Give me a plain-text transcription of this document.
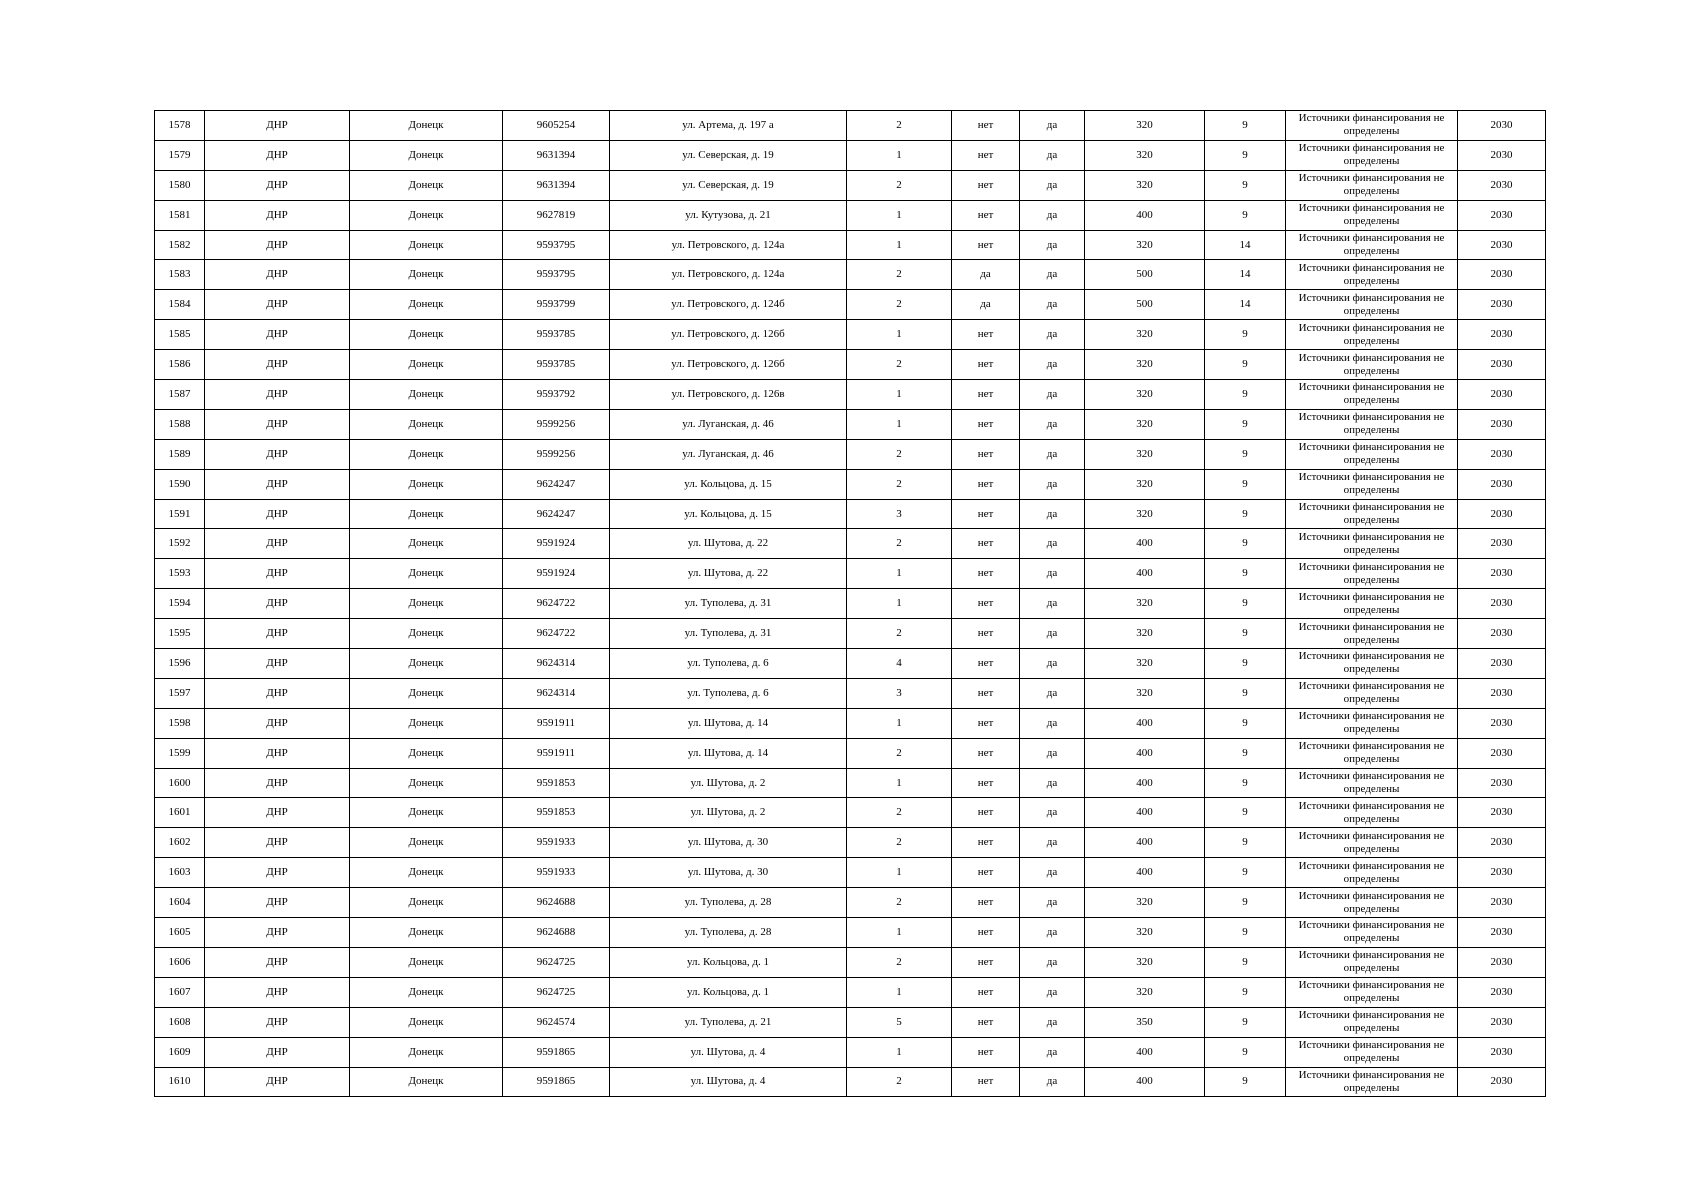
1578	ДНР	Донецк	9605254	ул. Артема, д. 197 а	2	нет	да	320	9	Источники финансирования не определены	2030
1579	ДНР	Донецк	9631394	ул. Северская, д. 19	1	нет	да	320	9	Источники финансирования не определены	2030
1580	ДНР	Донецк	9631394	ул. Северская, д. 19	2	нет	да	320	9	Источники финансирования не определены	2030
1581	ДНР	Донецк	9627819	ул. Кутузова, д. 21	1	нет	да	400	9	Источники финансирования не определены	2030
1582	ДНР	Донецк	9593795	ул. Петровского, д. 124а	1	нет	да	320	14	Источники финансирования не определены	2030
1583	ДНР	Донецк	9593795	ул. Петровского, д. 124а	2	да	да	500	14	Источники финансирования не определены	2030
1584	ДНР	Донецк	9593799	ул. Петровского, д. 124б	2	да	да	500	14	Источники финансирования не определены	2030
1585	ДНР	Донецк	9593785	ул. Петровского, д. 126б	1	нет	да	320	9	Источники финансирования не определены	2030
1586	ДНР	Донецк	9593785	ул. Петровского, д. 126б	2	нет	да	320	9	Источники финансирования не определены	2030
1587	ДНР	Донецк	9593792	ул. Петровского, д. 126в	1	нет	да	320	9	Источники финансирования не определены	2030
1588	ДНР	Донецк	9599256	ул. Луганская, д. 46	1	нет	да	320	9	Источники финансирования не определены	2030
1589	ДНР	Донецк	9599256	ул. Луганская, д. 46	2	нет	да	320	9	Источники финансирования не определены	2030
1590	ДНР	Донецк	9624247	ул. Кольцова, д. 15	2	нет	да	320	9	Источники финансирования не определены	2030
1591	ДНР	Донецк	9624247	ул. Кольцова, д. 15	3	нет	да	320	9	Источники финансирования не определены	2030
1592	ДНР	Донецк	9591924	ул. Шутова, д. 22	2	нет	да	400	9	Источники финансирования не определены	2030
1593	ДНР	Донецк	9591924	ул. Шутова, д. 22	1	нет	да	400	9	Источники финансирования не определены	2030
1594	ДНР	Донецк	9624722	ул. Туполева, д. 31	1	нет	да	320	9	Источники финансирования не определены	2030
1595	ДНР	Донецк	9624722	ул. Туполева, д. 31	2	нет	да	320	9	Источники финансирования не определены	2030
1596	ДНР	Донецк	9624314	ул. Туполева, д. 6	4	нет	да	320	9	Источники финансирования не определены	2030
1597	ДНР	Донецк	9624314	ул. Туполева, д. 6	3	нет	да	320	9	Источники финансирования не определены	2030
1598	ДНР	Донецк	9591911	ул. Шутова, д. 14	1	нет	да	400	9	Источники финансирования не определены	2030
1599	ДНР	Донецк	9591911	ул. Шутова, д. 14	2	нет	да	400	9	Источники финансирования не определены	2030
1600	ДНР	Донецк	9591853	ул. Шутова, д. 2	1	нет	да	400	9	Источники финансирования не определены	2030
1601	ДНР	Донецк	9591853	ул. Шутова, д. 2	2	нет	да	400	9	Источники финансирования не определены	2030
1602	ДНР	Донецк	9591933	ул. Шутова, д. 30	2	нет	да	400	9	Источники финансирования не определены	2030
1603	ДНР	Донецк	9591933	ул. Шутова, д. 30	1	нет	да	400	9	Источники финансирования не определены	2030
1604	ДНР	Донецк	9624688	ул. Туполева, д. 28	2	нет	да	320	9	Источники финансирования не определены	2030
1605	ДНР	Донецк	9624688	ул. Туполева, д. 28	1	нет	да	320	9	Источники финансирования не определены	2030
1606	ДНР	Донецк	9624725	ул. Кольцова, д. 1	2	нет	да	320	9	Источники финансирования не определены	2030
1607	ДНР	Донецк	9624725	ул. Кольцова, д. 1	1	нет	да	320	9	Источники финансирования не определены	2030
1608	ДНР	Донецк	9624574	ул. Туполева, д. 21	5	нет	да	350	9	Источники финансирования не определены	2030
1609	ДНР	Донецк	9591865	ул. Шутова, д. 4	1	нет	да	400	9	Источники финансирования не определены	2030
1610	ДНР	Донецк	9591865	ул. Шутова, д. 4	2	нет	да	400	9	Источники финансирования не определены	2030
